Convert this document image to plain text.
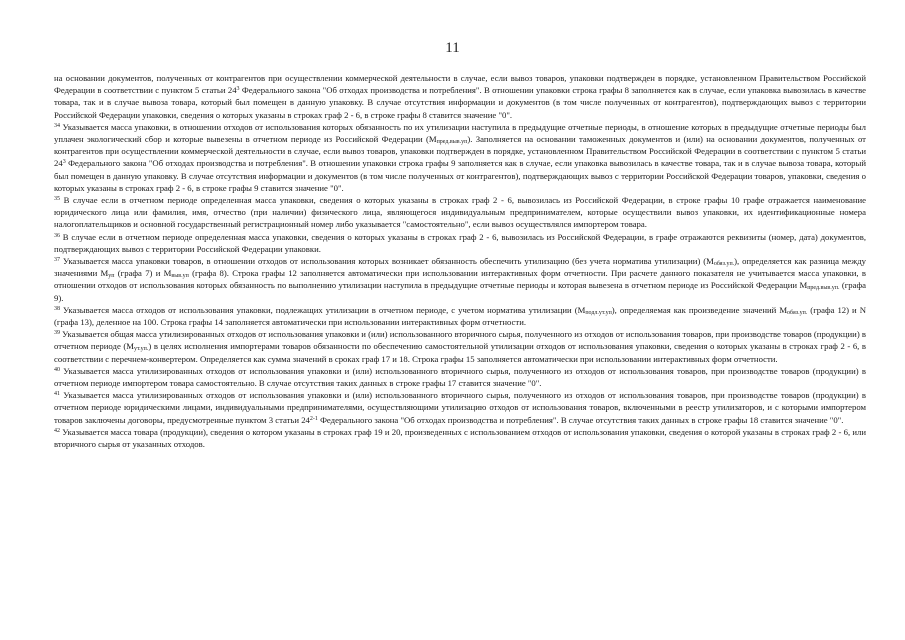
11

на основании документов, полученных от контрагентов при осуществлении коммерческой деятельности в случае, если вывоз товаров, упаковки подтвержден в порядке, установленном Правительством Российской Федерации в соответствии с пунктом 5 статьи $24^3$ Федерального закона "Об отходах производства и потребления". В отношении упаковки строка графы 8 заполняется как в случае, если упаковка вывозилась в качестве товара, так и в случае вывоза товара, который был помещен в данную упаковку. В случае отсутствия информации и документов (в том числе полученных от контрагентов), подтверждающих вывоз с территории Российской Федерации упаковки, сведения о которых указаны в строках граф 2 - 6, в строке графы 8 ставится значение "0".

$^{34}$ Указывается масса упаковки, в отношении отходов от использования которых обязанность по их утилизации наступила в предыдущие отчетные периоды, в отношение которых в предыдущие отчетные периоды был уплачен экологический сбор и которые вывезены в отчетном периоде из Российской Федерации $(М_{пред.выв.уп})$. Заполняется на основании таможенных документов и (или) на основании документов, полученных от контрагентов при осуществлении коммерческой деятельности в случае, если вывоз товаров, упаковки подтвержден в порядке, установленном Правительством Российской Федерации в соответствии с пунктом 5 статьи $24^3$ Федерального закона "Об отходах производства и потребления". В отношении упаковки строка графы 9 заполняется как в случае, если упаковка вывозилась в качестве товара, так и в случае вывоза товара, который был помещен в данную упаковку. В случае отсутствия информации и документов (в том числе полученных от контрагентов), подтверждающих вывоз с территории Российской Федерации товаров, упаковки, сведения о которых указаны в строках граф 2 - 6, в строке графы 9 ставится значение "0".

$^{35}$ В случае если в отчетном периоде определенная масса упаковки, сведения о которых указаны в строках граф 2 - 6, вывозилась из Российской Федерации, в строке графы 10 графе отражается наименование юридического лица или фамилия, имя, отчество (при наличии) физического лица, являющегося индивидуальным предпринимателем, которые осуществили вывоз упаковки, их идентификационные номера налогоплательщиков и основной государственный регистрационный номер либо указывается "самостоятельно", если вывоз осуществлялся импортером товара.

$^{36}$ В случае если в отчетном периоде определенная масса упаковки, сведения о которых указаны в строках граф 2 - 6, вывозилась из Российской Федерации, в графе отражаются реквизиты (номер, дата) документов, подтверждающих вывоз с территории Российской Федерации упаковки.

$^{37}$ Указывается масса упаковки товаров, в отношении отходов от использования которых возникает обязанность обеспечить утилизацию (без учета норматива утилизации) $(М_{обяз.уп.})$, определяется как разница между значениями $М_{уп}$ (графа 7) и $М_{выв.уп}$ (графа 8). Строка графы 12 заполняется автоматически при использовании интерактивных форм отчетности. При расчете данного показателя не учитывается масса упаковки, в отношении отходов от использования которых обязанность по выполнению утилизации наступила в предыдущие отчетные периоды и которая вывезена в отчетном периоде из Российской Федерации $М_{пред.выв.уп.}$ (графа 9).

$^{38}$ Указывается масса отходов от использования упаковки, подлежащих утилизации в отчетном периоде, с учетом норматива утилизации $(М_{подл.ут.уп})$, определяемая как произведение значений $М_{обяз.уп.}$ (графа 12) и N (графа 13), деленное на 100. Строка графы 14 заполняется автоматически при использовании интерактивных форм отчетности.

$^{39}$ Указывается общая масса утилизированных отходов от использования упаковки и (или) использованного вторичного сырья, полученного из отходов от использования товаров, при производстве товаров (продукции) в отчетном периоде $(М_{ут.уп.})$ в целях исполнения импортерами товаров обязанности по обеспечению самостоятельной утилизации отходов от использования упаковки, сведения о которых указаны в строках граф 2 - 6, в соответствии с перечнем-конвертером. Определяется как сумма значений в сроках граф 17 и 18. Строка графы 15 заполняется автоматически при использовании интерактивных форм отчетности.

$^{40}$ Указывается масса утилизированных отходов от использования упаковки и (или) использованного вторичного сырья, полученного из отходов от использования товаров, при производстве товаров (продукции) в отчетном периоде импортером товара самостоятельно. В случае отсутствия таких данных в строке графы 17 ставится значение "0".

$^{41}$ Указывается масса утилизированных отходов от использования упаковки и (или) использованного вторичного сырья, полученного из отходов от использования товаров, при производстве товаров (продукции) в отчетном периоде юридическими лицами, индивидуальными предпринимателями, осуществляющими утилизацию отходов от использования товаров, включенными в реестр утилизаторов, и с которыми импортером товаров заключены договоры, предусмотренные пунктом 3 статьи 24$^{2-1}$ Федерального закона "Об отходах производства и потребления". В случае отсутствия таких данных в строке графы 18 ставится значение "0".

$^{42}$ Указывается масса товара (продукции), сведения о котором указаны в строках граф 19 и 20, произведенных с использованием отходов от использования упаковки, сведения о которой указаны в строках граф 2 - 6, или вторичного сырья от указанных отходов.
